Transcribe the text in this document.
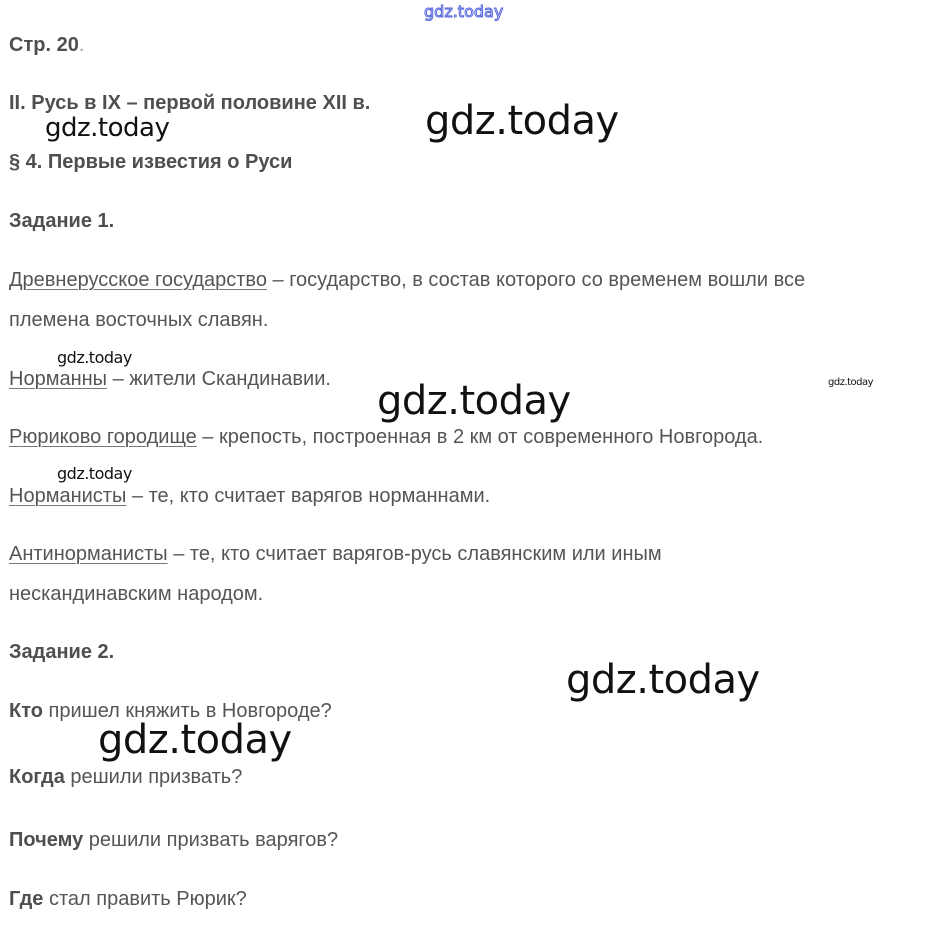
gdz.today
Стр. 20.
II. Русь в IX – первой половине XII в.
§ 4. Первые известия о Руси
Задание 1.
Древнерусское государство – государство, в состав которого со временем вошли все
племена восточных славян.
Норманны – жители Скандинавии.
Рюриково городище – крепость, построенная в 2 км от современного Новгорода.
Норманисты – те, кто считает варягов норманнами.
Антинорманисты – те, кто считает варягов-русь славянским или иным
нескандинавским народом.
Задание 2.
Кто пришел княжить в Новгороде?
Когда решили призвать?
Почему решили призвать варягов?
Где стал править Рюрик?
gdz.today	gdz.today
gdz.today
gdz.today
gdz.today
gdz.today
gdz.today
gdz.today
